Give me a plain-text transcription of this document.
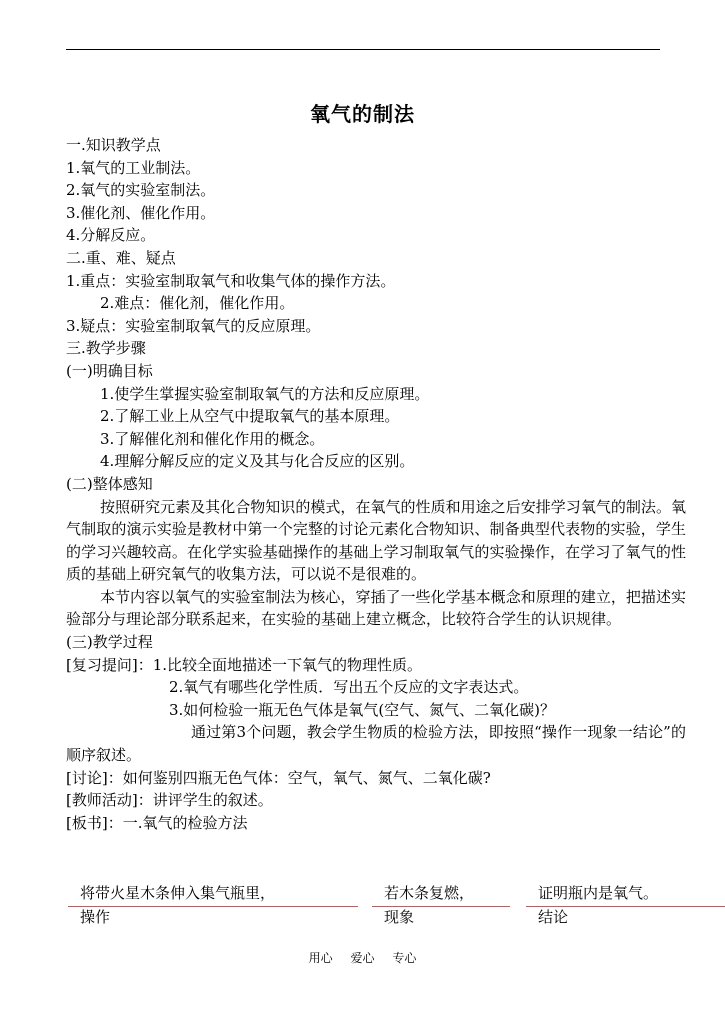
氧气的制法
一.知识教学点
1.氧气的工业制法。
2.氧气的实验室制法。
3.催化剂、催化作用。
4.分解反应。
二.重、难、疑点
1.重点：实验室制取氧气和收集气体的操作方法。
2.难点：催化剂，催化作用。
3.疑点：实验室制取氧气的反应原理。
三.教学步骤
(一)明确目标
1.使学生掌握实验室制取氧气的方法和反应原理。
2.了解工业上从空气中提取氧气的基本原理。
3.了解催化剂和催化作用的概念。
4.理解分解反应的定义及其与化合反应的区别。
(二)整体感知
按照研究元素及其化合物知识的模式，在氧气的性质和用途之后安排学习氧气的制法。氧气制取的演示实验是教材中第一个完整的讨论元素化合物知识、制备典型代表物的实验，学生的学习兴趣较高。在化学实验基础操作的基础上学习制取氧气的实验操作，在学习了氧气的性质的基础上研究氧气的收集方法，可以说不是很难的。
本节内容以氧气的实验室制法为核心，穿插了一些化学基本概念和原理的建立，把描述实验部分与理论部分联系起来，在实验的基础上建立概念，比较符合学生的认识规律。
(三)教学过程
[复习提问]：1.比较全面地描述一下氧气的物理性质。
2.氧气有哪些化学性质．写出五个反应的文字表达式。
3.如何检验一瓶无色气体是氧气(空气、氮气、二氧化碳)？
通过第3个问题，教会学生物质的检验方法，即按照“操作一现象一结论”的顺序叙述。
[讨论]：如何鉴别四瓶无色气体：空气，氧气、氮气、二氧化碳?
[教师活动]：讲评学生的叙述。
[板书]：一.氧气的检验方法
将带火星木条伸入集气瓶里，
操作
若木条复燃，
现象
证明瓶内是氧气。
结论
用心 爱心 专心
